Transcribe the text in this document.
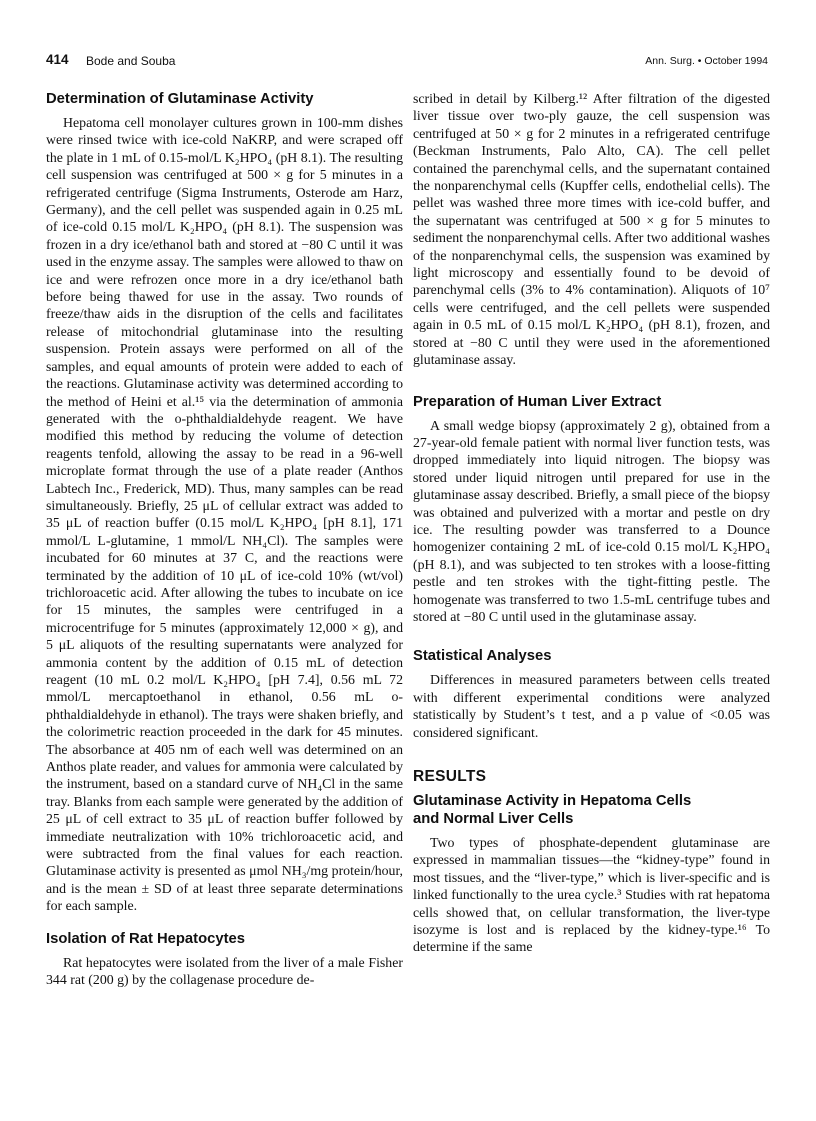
414 Bode and Souba	Ann. Surg. • October 1994
Determination of Glutaminase Activity

Hepatoma cell monolayer cultures grown in 100-mm dishes were rinsed twice with ice-cold NaKRP, and were scraped off the plate in 1 mL of 0.15-mol/L K₂HPO₄ (pH 8.1). The resulting cell suspension was centrifuged at 500 × g for 5 minutes in a refrigerated centrifuge (Sigma Instruments, Osterode am Harz, Germany), and the cell pellet was suspended again in 0.25 mL of ice-cold 0.15 mol/L K₂HPO₄ (pH 8.1). The suspension was frozen in a dry ice/ethanol bath and stored at −80 C until it was used in the enzyme assay. The samples were allowed to thaw on ice and were refrozen once more in a dry ice/ethanol bath before being thawed for use in the assay. Two rounds of freeze/thaw aids in the disruption of the cells and facilitates release of mitochondrial glutaminase into the resulting suspension. Protein assays were performed on all of the samples, and equal amounts of protein were added to each of the reactions. Glutaminase activity was determined according to the method of Heini et al.¹⁵ via the determination of ammonia generated with the o-phthaldialdehyde reagent. We have modified this method by reducing the volume of detection reagents tenfold, allowing the assay to be read in a 96-well microplate format through the use of a plate reader (Anthos Labtech Inc., Frederick, MD). Thus, many samples can be read simultaneously. Briefly, 25 μL of cellular extract was added to 35 μL of reaction buffer (0.15 mol/L K₂HPO₄ [pH 8.1], 171 mmol/L L-glutamine, 1 mmol/L NH₄Cl). The samples were incubated for 60 minutes at 37 C, and the reactions were terminated by the addition of 10 μL of ice-cold 10% (wt/vol) trichloroacetic acid. After allowing the tubes to incubate on ice for 15 minutes, the samples were centrifuged in a microcentrifuge for 5 minutes (approximately 12,000 × g), and 5 μL aliquots of the resulting supernatants were analyzed for ammonia content by the addition of 0.15 mL of detection reagent (10 mL 0.2 mol/L K₂HPO₄ [pH 7.4], 0.56 mL 72 mmol/L mercaptoethanol in ethanol, 0.56 mL o-phthaldialdehyde in ethanol). The trays were shaken briefly, and the colorimetric reaction proceeded in the dark for 45 minutes. The absorbance at 405 nm of each well was determined on an Anthos plate reader, and values for ammonia were calculated by the instrument, based on a standard curve of NH₄Cl in the same tray. Blanks from each sample were generated by the addition of 25 μL of cell extract to 35 μL of reaction buffer followed by immediate neutralization with 10% trichloroacetic acid, and were subtracted from the final values for each reaction. Glutaminase activity is presented as μmol NH₃/mg protein/hour, and is the mean ± SD of at least three separate determinations for each sample.

Isolation of Rat Hepatocytes

Rat hepatocytes were isolated from the liver of a male Fisher 344 rat (200 g) by the collagenase procedure de-

scribed in detail by Kilberg.¹² After filtration of the digested liver tissue over two-ply gauze, the cell suspension was centrifuged at 50 × g for 2 minutes in a refrigerated centrifuge (Beckman Instruments, Palo Alto, CA). The cell pellet contained the parenchymal cells, and the supernatant contained the nonparenchymal cells (Kupffer cells, endothelial cells). The pellet was washed three more times with ice-cold buffer, and the supernatant was centrifuged at 500 × g for 5 minutes to sediment the nonparenchymal cells. After two additional washes of the nonparenchymal cells, the suspension was examined by light microscopy and essentially found to be devoid of parenchymal cells (3% to 4% contamination). Aliquots of 10⁷ cells were centrifuged, and the cell pellets were suspended again in 0.5 mL of 0.15 mol/L K₂HPO₄ (pH 8.1), frozen, and stored at −80 C until they were used in the aforementioned glutaminase assay.

Preparation of Human Liver Extract

A small wedge biopsy (approximately 2 g), obtained from a 27-year-old female patient with normal liver function tests, was dropped immediately into liquid nitrogen. The biopsy was stored under liquid nitrogen until prepared for use in the glutaminase assay described. Briefly, a small piece of the biopsy was obtained and pulverized with a mortar and pestle on dry ice. The resulting powder was transferred to a Dounce homogenizer containing 2 mL of ice-cold 0.15 mol/L K₂HPO₄ (pH 8.1), and was subjected to ten strokes with a loose-fitting pestle and ten strokes with the tight-fitting pestle. The homogenate was transferred to two 1.5-mL centrifuge tubes and stored at −80 C until used in the glutaminase assay.

Statistical Analyses

Differences in measured parameters between cells treated with different experimental conditions were analyzed statistically by Student’s t test, and a p value of <0.05 was considered significant.

RESULTS
Glutaminase Activity in Hepatoma Cells
and Normal Liver Cells

Two types of phosphate-dependent glutaminase are expressed in mammalian tissues—the “kidney-type” found in most tissues, and the “liver-type,” which is liver-specific and is linked functionally to the urea cycle.³ Studies with rat hepatoma cells showed that, on cellular transformation, the liver-type isozyme is lost and is replaced by the kidney-type.¹⁶ To determine if the same
